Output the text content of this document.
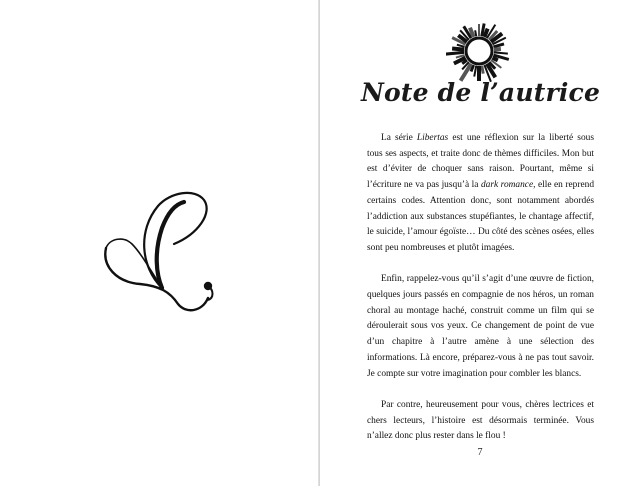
Note de l’autrice

La série Libertas est une réflexion sur la liberté sous tous ses aspects, et traite donc de thèmes difficiles. Mon but est d’éviter de choquer sans raison. Pourtant, même si l’écriture ne va pas jusqu’à la dark romance, elle en reprend certains codes. Attention donc, sont notamment abordés l’addiction aux substances stupéfiantes, le chantage affectif, le suicide, l’amour égoïste… Du côté des scènes osées, elles sont peu nombreuses et plutôt imagées.

Enfin, rappelez-vous qu’il s’agit d’une œuvre de fiction, quelques jours passés en compagnie de nos héros, un roman choral au montage haché, construit comme un film qui se déroulerait sous vos yeux. Ce changement de point de vue d’un chapitre à l’autre amène à une sélection des informations. Là encore, préparez-vous à ne pas tout savoir. Je compte sur votre imagination pour combler les blancs.

Par contre, heureusement pour vous, chères lectrices et chers lecteurs, l’histoire est désormais terminée. Vous n’allez donc plus rester dans le flou !

7
